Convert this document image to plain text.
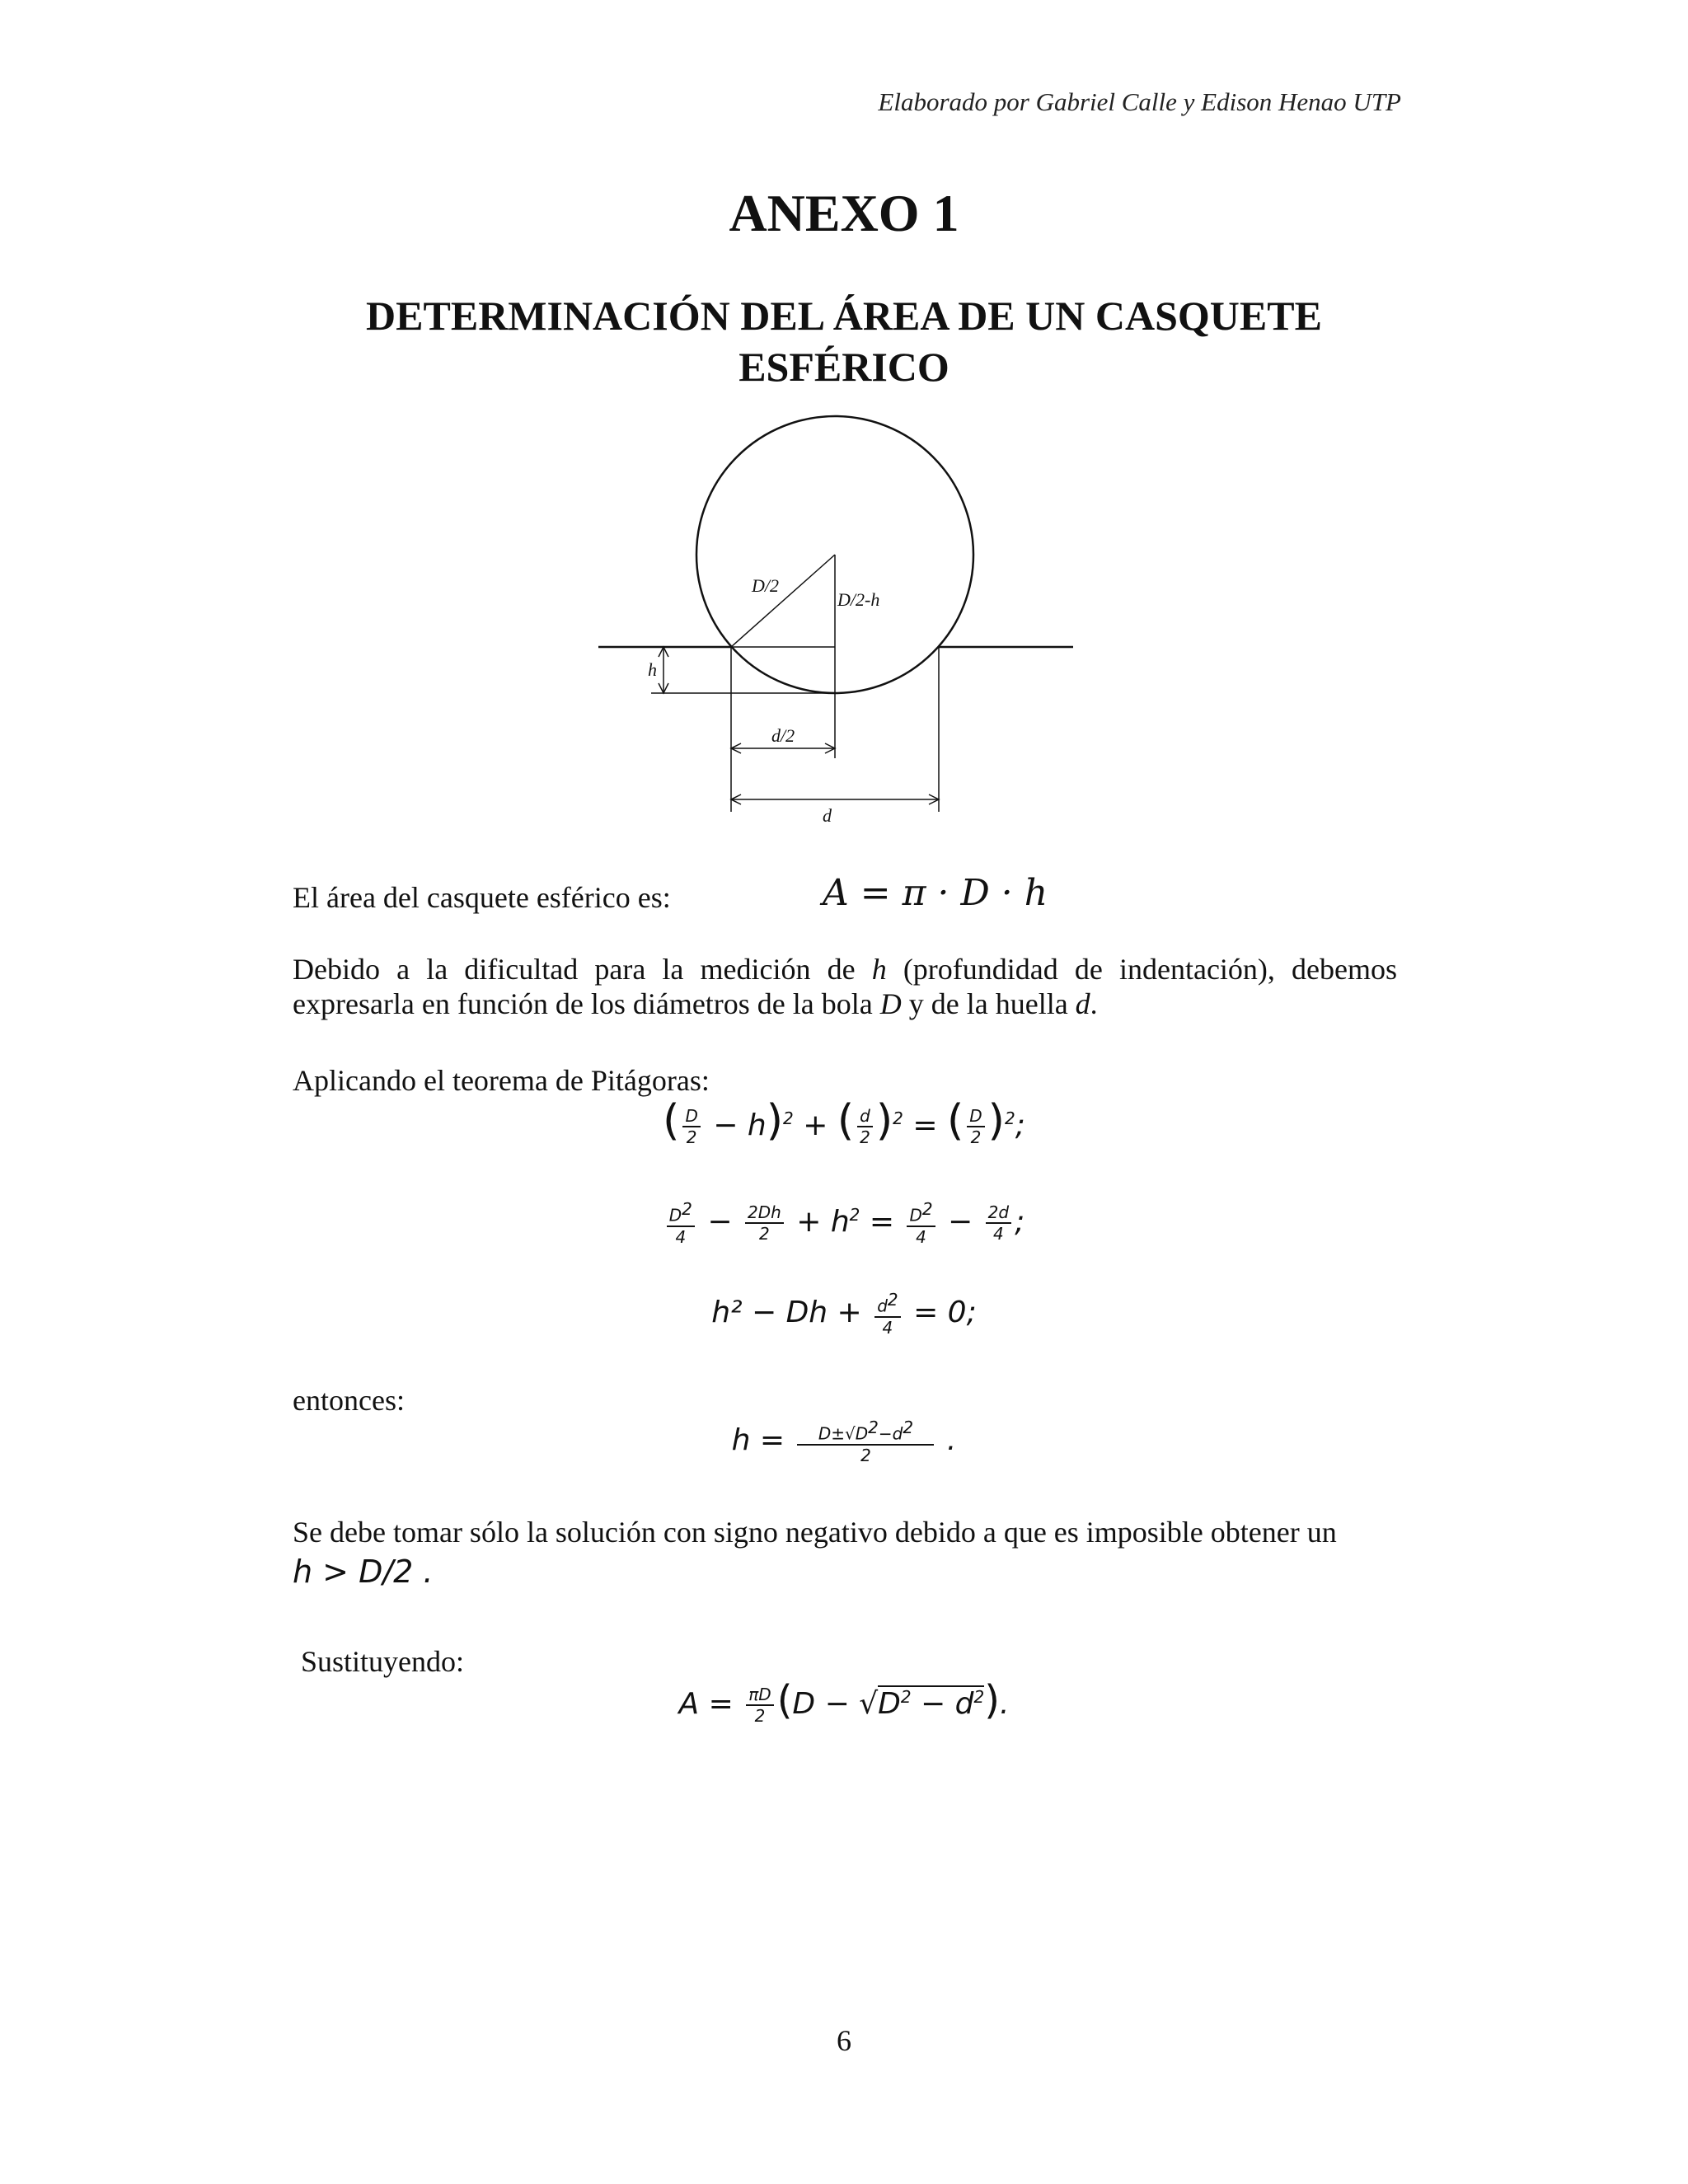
Elaborado por Gabriel Calle y Edison Henao UTP
ANEXO 1
DETERMINACIÓN DEL ÁREA DE UN CASQUETE
ESFÉRICO
D/2
D/2-h
h
d/2
d
El área del casquete esférico es:	A = π · D · h
Debido a la dificultad para la medición de h (profundidad de indentación), debemos expresarla en función de los diámetros de la bola D y de la huella d.
Aplicando el teorema de Pitágoras:
( $\frac{D}{2} - h)^2$ + ( $\frac{d}{2} )^2$ = ( $\frac{D}{2} )^2$;
$\frac{D^2}{4} - \frac{2Dh}{2} + h^2 = \frac{D^2}{4} - \frac{2d}{4}$ ;
$h^2 - Dh + \frac{d^2}{4} = 0$;
entonces:
$h = \frac{D\pm√D^2-d^2}{2}$ .
Se debe tomar sólo la solución con signo negativo debido a que es imposible obtener un
h > D/2 .
Sustituyendo:
$A = \frac{\pi D}{2} (D - √D^2 - d^2)$.
6
